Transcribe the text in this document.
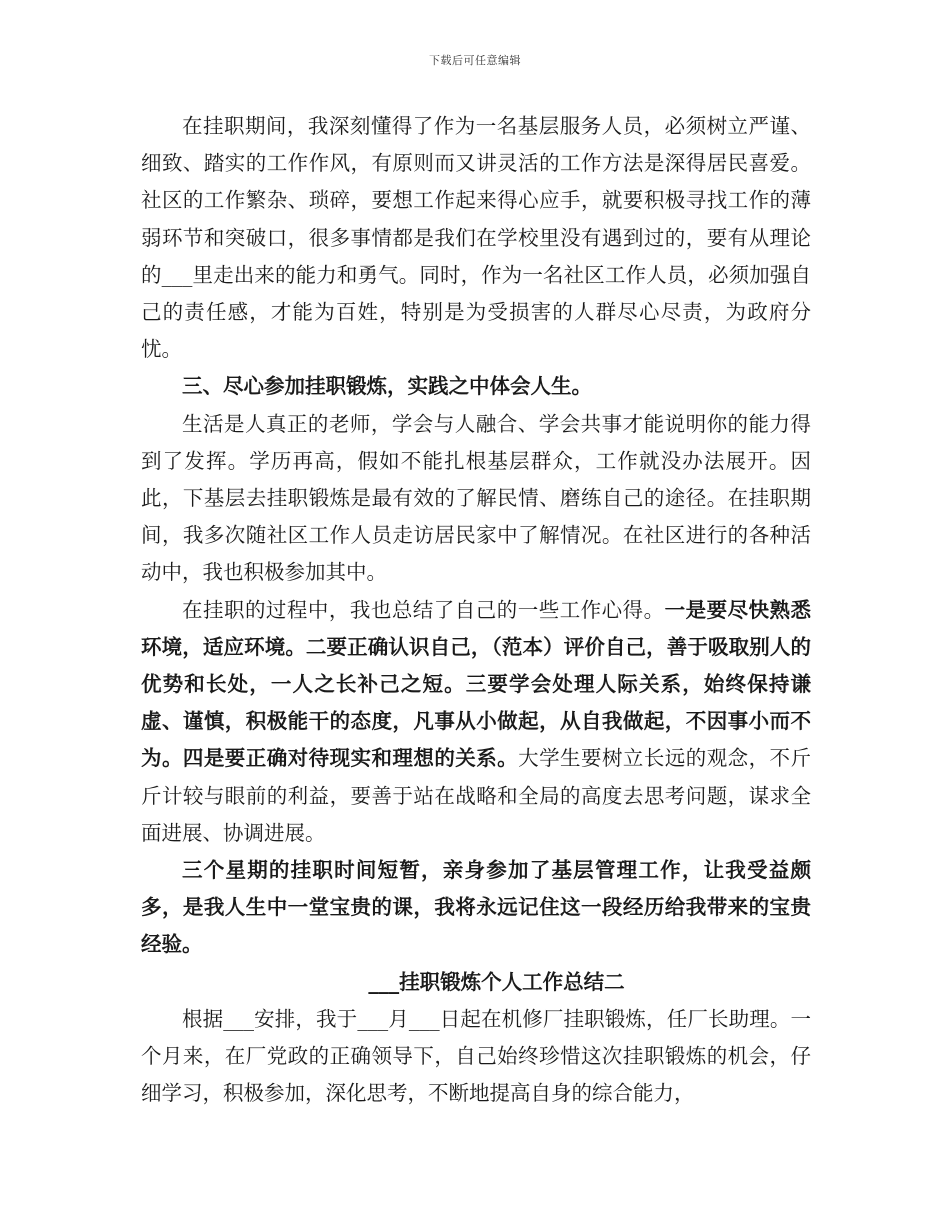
下载后可任意编辑

在挂职期间，我深刻懂得了作为一名基层服务人员，必须树立严谨、细致、踏实的工作作风，有原则而又讲灵活的工作方法是深得居民喜爱。社区的工作繁杂、琐碎，要想工作起来得心应手，就要积极寻找工作的薄弱环节和突破口，很多事情都是我们在学校里没有遇到过的，要有从理论的___里走出来的能力和勇气。同时，作为一名社区工作人员，必须加强自己的责任感，才能为百姓，特别是为受损害的人群尽心尽责，为政府分忧。

三、尽心参加挂职锻炼，实践之中体会人生。

生活是人真正的老师，学会与人融合、学会共事才能说明你的能力得到了发挥。学历再高，假如不能扎根基层群众，工作就没办法展开。因此，下基层去挂职锻炼是最有效的了解民情、磨练自己的途径。在挂职期间，我多次随社区工作人员走访居民家中了解情况。在社区进行的各种活动中，我也积极参加其中。

在挂职的过程中，我也总结了自己的一些工作心得。一是要尽快熟悉环境，适应环境。二要正确认识自己，（范本）评价自己，善于吸取别人的优势和长处，一人之长补己之短。三要学会处理人际关系，始终保持谦虚、谨慎，积极能干的态度，凡事从小做起，从自我做起，不因事小而不为。四是要正确对待现实和理想的关系。大学生要树立长远的观念，不斤斤计较与眼前的利益，要善于站在战略和全局的高度去思考问题，谋求全面进展、协调进展。

三个星期的挂职时间短暂，亲身参加了基层管理工作，让我受益颇多，是我人生中一堂宝贵的课，我将永远记住这一段经历给我带来的宝贵经验。

___挂职锻炼个人工作总结二

根据___安排，我于___月___日起在机修厂挂职锻炼，任厂长助理。一个月来，在厂党政的正确领导下，自己始终珍惜这次挂职锻炼的机会，仔细学习，积极参加，深化思考，不断地提高自身的综合能力，
